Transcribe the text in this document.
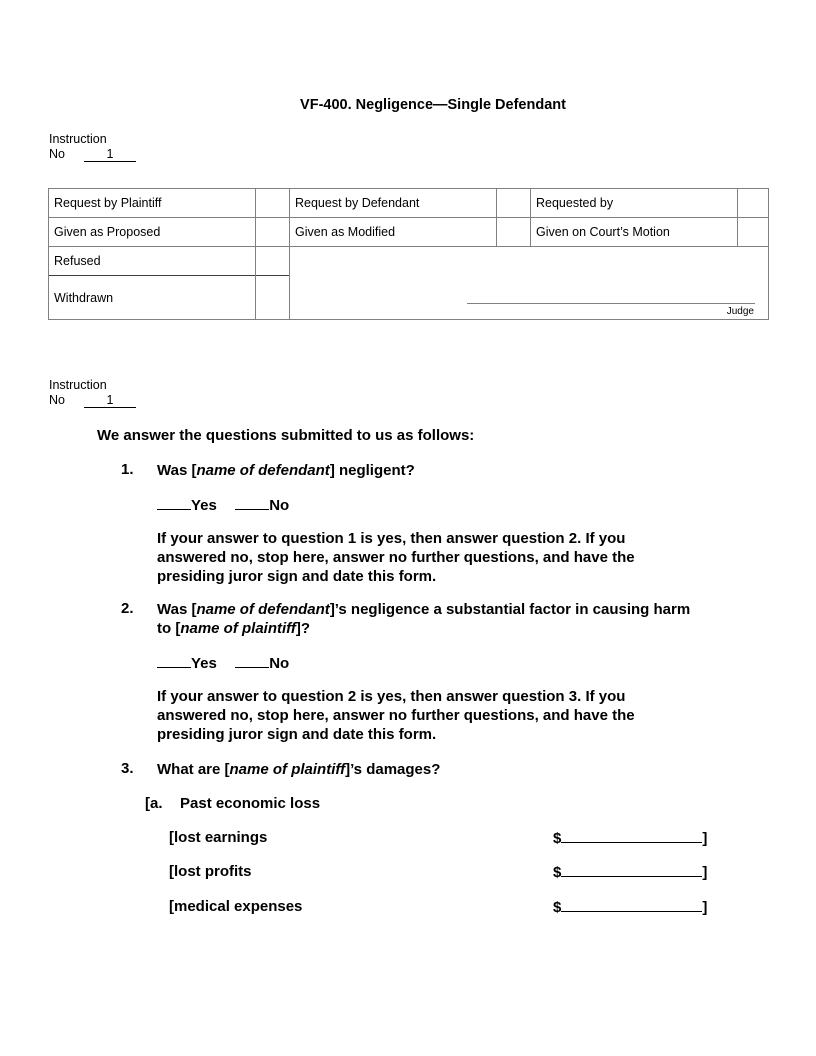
VF-400. Negligence—Single Defendant
Instruction
No	1
Request by Plaintiff	Request by Defendant	Requested by
Given as Proposed	Given as Modified	Given on Court’s Motion
Refused
Withdrawn
Judge
Instruction
No	1
We answer the questions submitted to us as follows:
1. Was [name of defendant] negligent?
Yes	No
If your answer to question 1 is yes, then answer question 2. If you answered no, stop here, answer no further questions, and have the presiding juror sign and date this form.
2. Was [name of defendant]’s negligence a substantial factor in causing harm to [name of plaintiff]?
Yes	No
If your answer to question 2 is yes, then answer question 3. If you answered no, stop here, answer no further questions, and have the presiding juror sign and date this form.
3. What are [name of plaintiff]’s damages?
[a. Past economic loss
[lost earnings	$	]
[lost profits	$	]
[medical expenses	$	]
